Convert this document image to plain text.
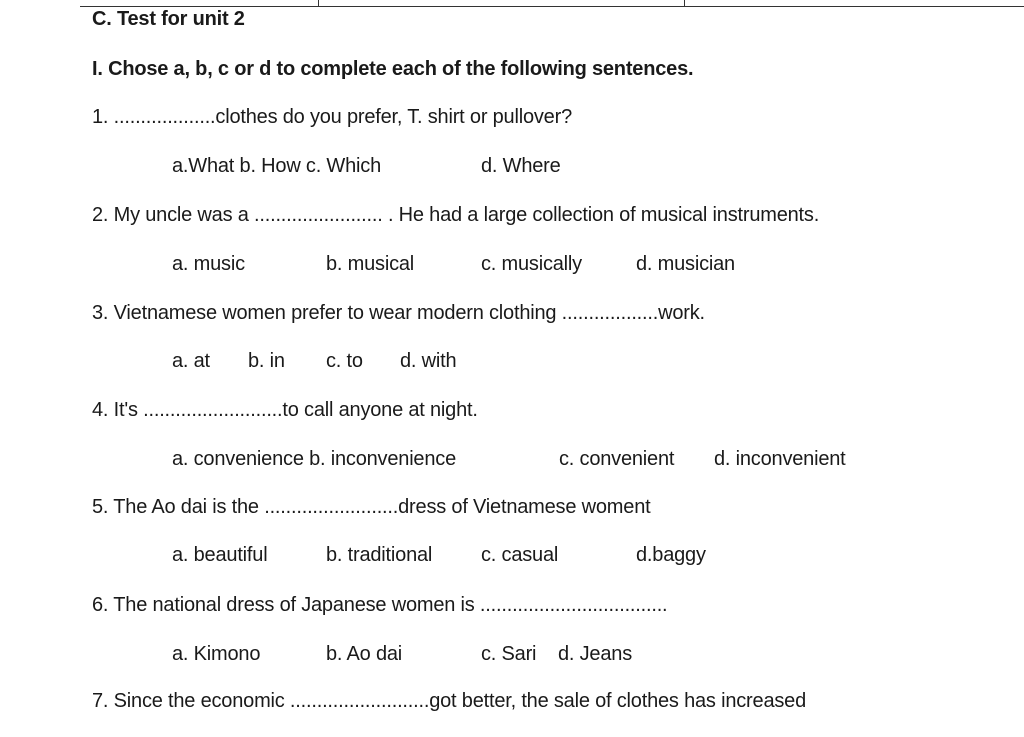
C. Test for unit 2
I. Chose a, b, c or d to complete each of the following sentences.
1. ...................clothes do you prefer, T. shirt or pullover?
a.What b. How c. Which	d. Where
2. My uncle was a ........................ . He had a large collection of musical instruments.
a. music	b. musical	c. musically	d. musician
3. Vietnamese women prefer to wear modern clothing ..................work.
a. at b. in c. to d. with
4. It's ..........................to call anyone at night.
a. convenience b. inconvenience	c. convenient d. inconvenient
5. The Ao dai is the .........................dress of Vietnamese woment
a. beautiful	b. traditional c. casual	d.baggy
6. The national dress of Japanese women is ...................................
a. Kimono	b. Ao dai	c. Sari d. Jeans
7. Since the economic ..........................got better, the sale of clothes has increased
